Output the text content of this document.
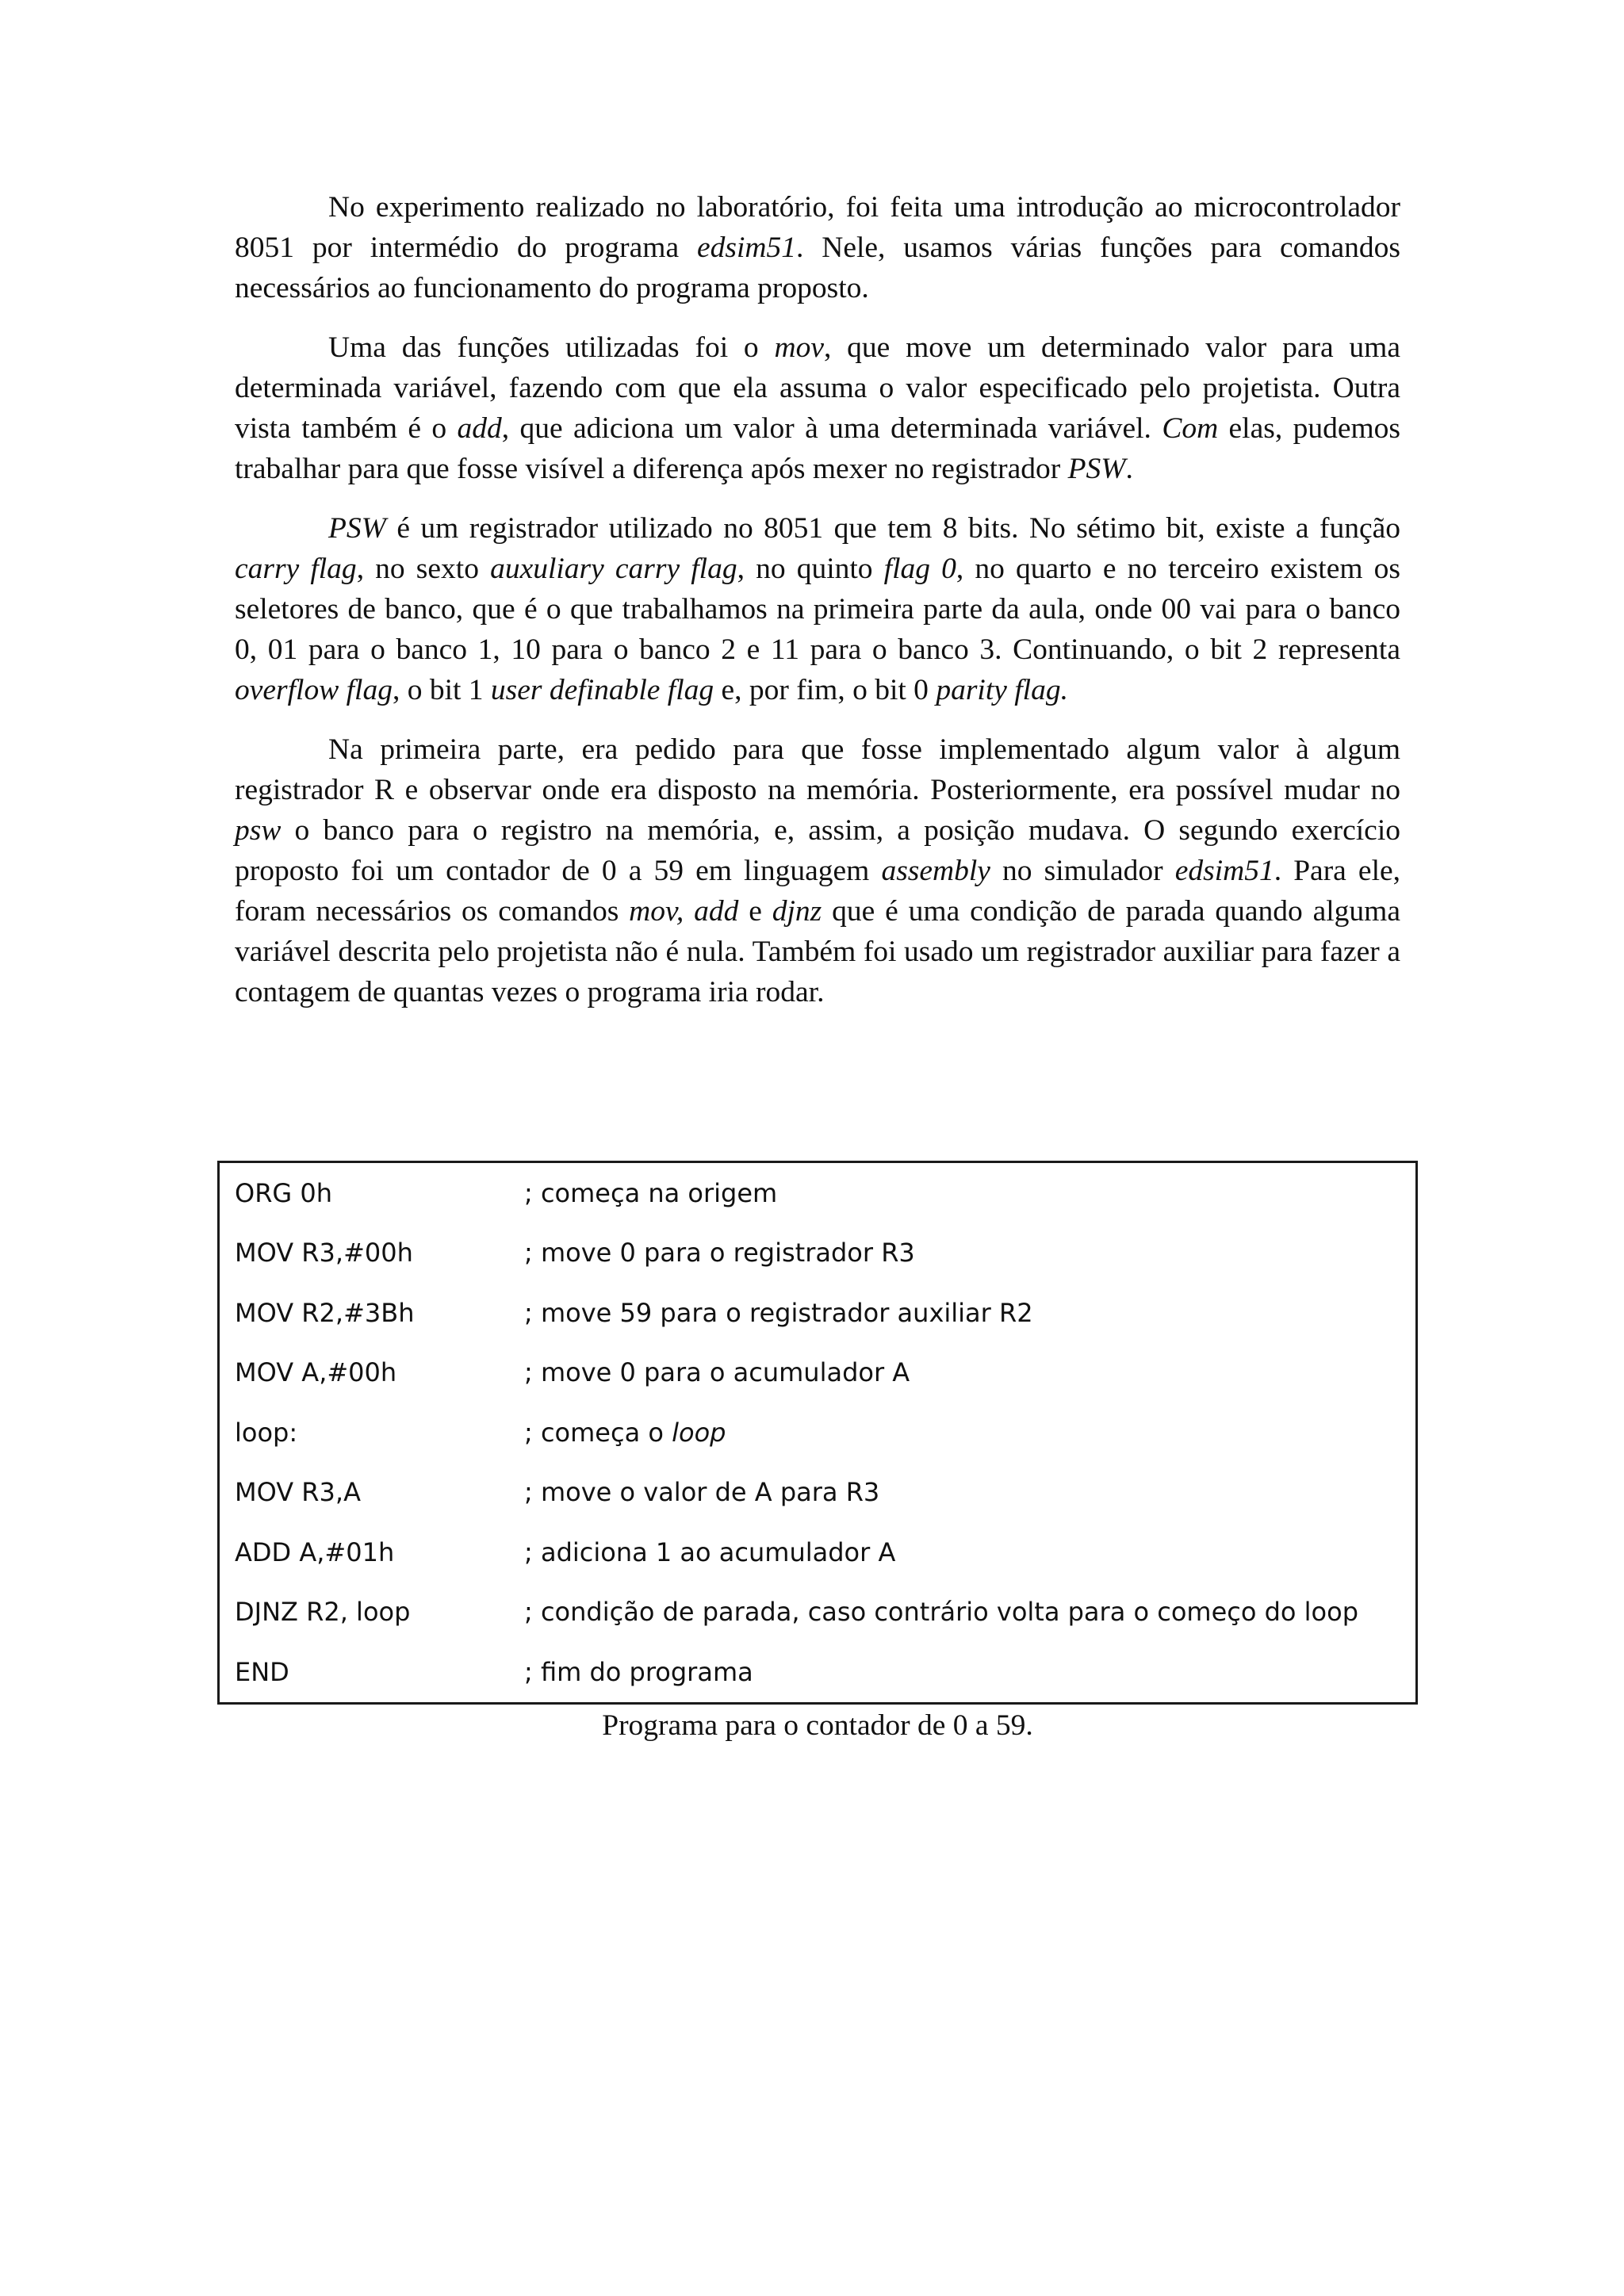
No experimento realizado no laboratório, foi feita uma introdução ao microcontrolador 8051 por intermédio do programa edsim51. Nele, usamos várias funções para comandos necessários ao funcionamento do programa proposto.

Uma das funções utilizadas foi o mov, que move um determinado valor para uma determinada variável, fazendo com que ela assuma o valor especificado pelo projetista. Outra vista também é o add, que adiciona um valor à uma determinada variável. Com elas, pudemos trabalhar para que fosse visível a diferença após mexer no registrador PSW.

PSW é um registrador utilizado no 8051 que tem 8 bits. No sétimo bit, existe a função carry flag, no sexto auxuliary carry flag, no quinto flag 0, no quarto e no terceiro existem os seletores de banco, que é o que trabalhamos na primeira parte da aula, onde 00 vai para o banco 0, 01 para o banco 1, 10 para o banco 2 e 11 para o banco 3. Continuando, o bit 2 representa overflow flag, o bit 1 user definable flag e, por fim, o bit 0 parity flag.

Na primeira parte, era pedido para que fosse implementado algum valor à algum registrador R e observar onde era disposto na memória. Posteriormente, era possível mudar no psw o banco para o registro na memória, e, assim, a posição mudava. O segundo exercício proposto foi um contador de 0 a 59 em linguagem assembly no simulador edsim51. Para ele, foram necessários os comandos mov, add e djnz que é uma condição de parada quando alguma variável descrita pelo projetista não é nula. Também foi usado um registrador auxiliar para fazer a contagem de quantas vezes o programa iria rodar.

ORG 0h	; começa na origem
MOV R3,#00h	; move 0 para o registrador R3
MOV R2,#3Bh	; move 59 para o registrador auxiliar R2
MOV A,#00h	; move 0 para o acumulador A
loop:	; começa o loop
MOV R3,A	; move o valor de A para R3
ADD A,#01h	; adiciona 1 ao acumulador A
DJNZ R2, loop	; condição de parada, caso contrário volta para o começo do loop
END	; fim do programa
Programa para o contador de 0 a 59.
